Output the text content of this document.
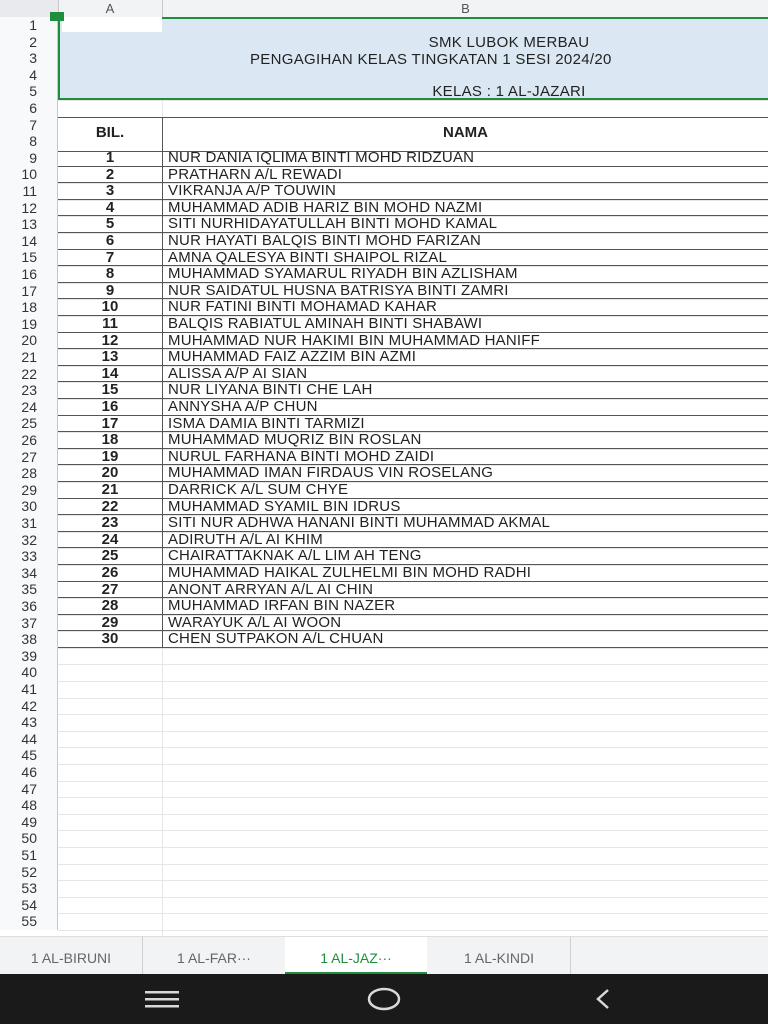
A	B
1
2
3
4
5
6
7
8
9
10
11
12
13
14
15
16
17
18
19
20
21
22
23
24
25
26
27
28
29
30
31
32
33
34
35
36
37
38
39
40
41
42
43
44
45
46
47
48
49
50
51
52
53
54
55
SMK LUBOK MERBAU
PENGAGIHAN KELAS TINGKATAN 1 SESI 2024/20
KELAS : 1 AL-JAZARI
BIL.	NAMA
1	NUR DANIA IQLIMA BINTI MOHD RIDZUAN
2	PRATHARN A/L REWADI
3	VIKRANJA A/P TOUWIN
4	MUHAMMAD ADIB HARIZ BIN MOHD NAZMI
5	SITI NURHIDAYATULLAH BINTI MOHD KAMAL
6	NUR HAYATI BALQIS BINTI MOHD FARIZAN
7	AMNA QALESYA BINTI SHAIPOL RIZAL
8	MUHAMMAD SYAMARUL RIYADH BIN AZLISHAM
9	NUR SAIDATUL HUSNA BATRISYA BINTI ZAMRI
10	NUR FATINI BINTI MOHAMAD KAHAR
11	BALQIS RABIATUL AMINAH BINTI SHABAWI
12	MUHAMMAD NUR HAKIMI BIN MUHAMMAD HANIFF
13	MUHAMMAD FAIZ AZZIM BIN AZMI
14	ALISSA A/P AI SIAN
15	NUR LIYANA BINTI CHE LAH
16	ANNYSHA A/P CHUN
17	ISMA DAMIA BINTI TARMIZI
18	MUHAMMAD MUQRIZ BIN ROSLAN
19	NURUL FARHANA BINTI MOHD ZAIDI
20	MUHAMMAD IMAN FIRDAUS VIN ROSELANG
21	DARRICK A/L SUM CHYE
22	MUHAMMAD SYAMIL BIN IDRUS
23	SITI NUR ADHWA HANANI BINTI MUHAMMAD AKMAL
24	ADIRUTH A/L AI KHIM
25	CHAIRATTAKNAK A/L LIM AH TENG
26	MUHAMMAD HAIKAL ZULHELMI BIN MOHD RADHI
27	ANONT ARRYAN A/L AI CHIN
28	MUHAMMAD IRFAN BIN NAZER
29	WARAYUK A/L AI WOON
30	CHEN SUTPAKON A/L CHUAN
1 AL-BIRUNI	1 AL-FAR···	1 AL-JAZ···	1 AL-KINDI
